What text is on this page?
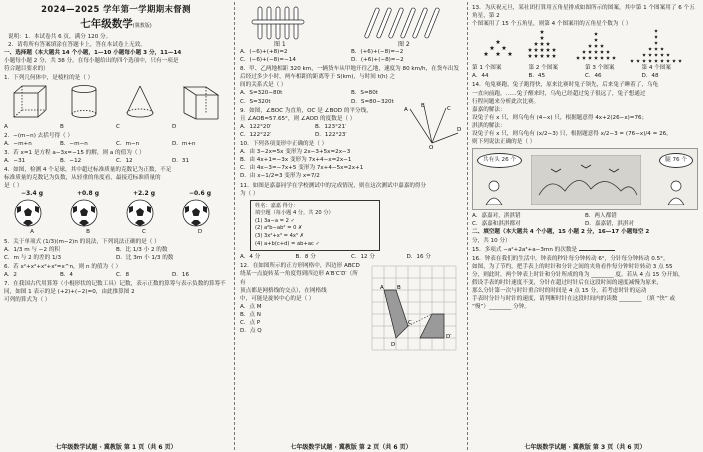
2024—2025 学年第一学期期末督测
七年级数学(冀教版)

说明：1．本试卷共 6 页，满分 120 分。

2．请将所有答案填涂在答题卡上，答在本试卷上无效。

一、选择题（本大题共 14 个小题，1—10 小题每小题 3 分，11—14

小题每小题 2 分，共 38 分。在每小题给出的四个选项中，只有一项是

符合题目要求的）

1．下列几何体中，是棱柱的是（ ）

A	B	C	D

2．−(m−n) 去括号得（ ）

A．−m+n	B．−m−n	C．m−n	D．m+n

3．若 x=1 是方程 a−3x=−15 的解，则 a 的值为（ ）

A．−31	B．−12	C．12	D．31

4．如图，检测 4 个足球，其中超过标准质量的克数记为正数，不足

标准质量的克数记为负数，从轻重的角度看，最接近标准质量的

是（ ）

−3.4 g
A
+0.8 g
B
+2.2 g
C
−0.6 g
D

5．关于单项式 (1/3)(m−2)n 的说法，下列说法正确的是（ ）

A．1/3 m 与 −2 的积	B．比 1/3 小 2 的数
C．m 与 2 的差的 1/3	D．比 3m 小 1/3 的数

6．若 x²+x²+x²+x²=x^n，则 n 的值为（ ）

A．2	B．4	C．8	D．16

7．在我国古代用算筹（小棍形状的记数工具）记数，表示正数的算筹与表示负数的算筹不同，如图 1 表示的是 (+2)+(−2)=0，由此推算图 2

可列的算式为（ ）

七年级数学试题 · 冀教版 第 1 页（共 6 页）
图 1	图 2
A．(−6)+(+8)=2	B．(+6)+(−8)=−2
C．(−6)+(−8)=−14	D．(+6)+(−8)=−2

8．甲、乙两地相距 320 km，一辆货车从甲地开往乙地，速度为 80 km/h，在货车出发后经过多少小时，两车相距的距离等于 S(km)，与时间 t(h) 之

间的关系式是（ ）

A．S=320−80t	B．S=80t
C．S=320t	D．S=80−320t

9．如图，∠BOC 为直角，OC 是 ∠BOD 的平分线，

且 ∠AOB=57.65°，则 ∠AOD 的度数是（ ）

A．122°20′	B．123°21′
C．122°22′	D．122°23′
A
B	C
D
O

10．下列各项变形中正确的是（ ）

A．由 3−2x=5x 变形为 2x−3+5x=2x−3

B．由 4x+1=−3x 变形为 7x+4−x=2x−1

C．由 4x−3=−7x+5 变形为 7x+4−5x=2x+1

D．由 x−1/2=3 变形为 x=7/2

11．如图是嘉嘉同学在学校测试中的完成情况，则在这次测试中嘉嘉的得分

为（ ）

姓名：嘉嘉 得分：

填空题（每小题 4 分，共 20 分）

(1) 3a−a = 2 ✓

(2) a²b−ab² = 0 ✗

(3) 3x²+x³ = 4x⁵ ✗

(4) a+b(c+d) = ab+ac ✓

A．4 分	B．8 分	C．12 分	D．16 分

12．在如图所示的正方形网格中，四边形 ABCD 绕某一点旋转某一角度得到四边形 A′B′C′D′（所有

顶点都是网格线的交点），在网格线

中，可能是旋转中心的是（ ）

A．点 M

B．点 N

C．点 P

D．点 Q

A B
C
D
D′
七年级数学试题 · 冀教版 第 2 页（共 6 页）

13．为庆祝元旦，某社团打算用五角星排成如图所示的图案，其中第 1 个图案用了 6 个五角星，第 2

个图案用了 15 个五角星，则第 4 个图案用的五角星个数为（ ）

第 1 个图案	第 2 个图案	第 3 个图案	第 4 个图案
A．44	B．45	C．46	D．48

14．龟兔赛跑，兔子跑得快，原来比赛时兔子领先，后来兔子睡着了，乌龟

一直向前跑，……兔子醒来时，乌龟已经超过兔子很远了，兔子想通过

行程问题来分析此次比赛。

嘉嘉的解法：

设兔子有 x 只，则乌龟有 (4−x) 只，根据题意得 4x+2(26−x)=76；

淇淇的解法：

设兔子有 x 只，则乌龟有 (x/2−3) 只，根据题意得 x/2−3 = (76−x)/4 = 26。

则下列说法正确的是（ ）

共有头 26 个	腿 76 个
A．嘉嘉对，淇淇错	B．两人都错
C．嘉嘉和淇淇都对	D．嘉嘉错，淇淇对

二、填空题（本大题共 4 个小题，15 小题 2 分，16—17 小题每空 2

分，共 10 分）

15．多项式 −a²+2a³+a−3mn 的次数是

16．钟表在我们的生活中，钟表的秒针每分钟转动 6°，分针每分钟转动 0.5°。

如图，为了节约，把手表上的时针和分针之间的夹角看作每分钟时针转动 3 点 55

分，则此时，两个钟表上时针和分针所成的角为 ________ 度。若从 4 点 15 分开始，

假设手表的时针速度不变，分针在超过时针后在这段时间的速度减慢为原来，

那么分针第一次与时针重合时的时间是 4 点 15 分，若考虑时针的运动

手表时分针与时针的速度，请判断时针在这段时间内的读数 ________ （填 “快” 或

“慢”）________ 分钟。

七年级数学试题 · 冀教版 第 3 页（共 6 页）
